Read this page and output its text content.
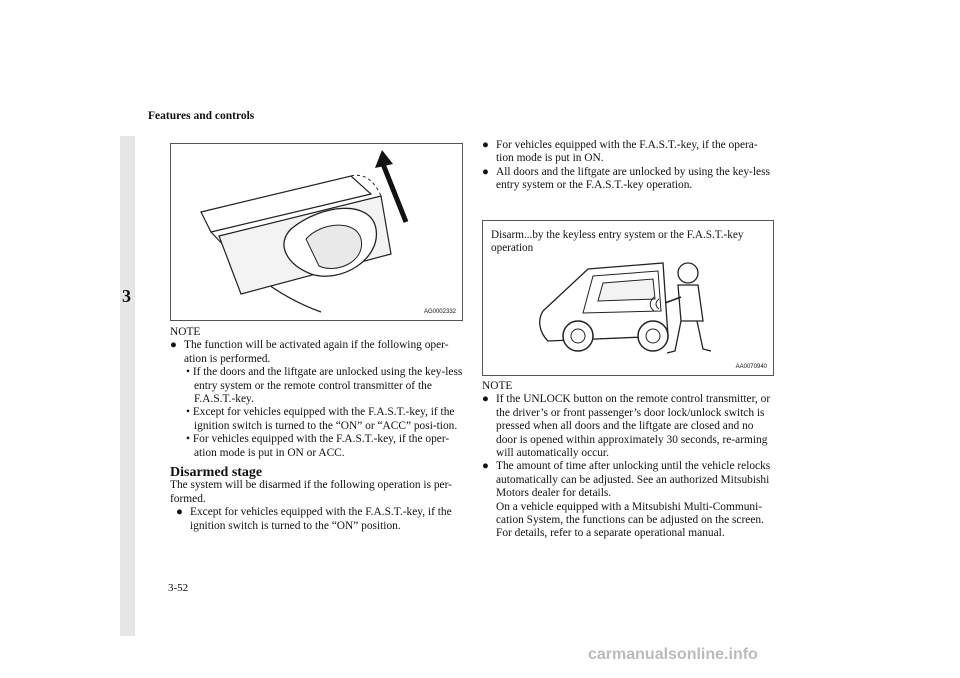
Features and controls
3
AG0002332

NOTE

● The function will be activated again if the following oper-ation is performed.
• If the doors and the liftgate are unlocked using the key-less entry system or the remote control transmitter of the F.A.S.T.-key.
• Except for vehicles equipped with the F.A.S.T.-key, if the ignition switch is turned to the “ON” or “ACC” posi-tion.
• For vehicles equipped with the F.A.S.T.-key, if the oper-ation mode is put in ON or ACC.
Disarmed stage

The system will be disarmed if the following operation is per-formed.

● Except for vehicles equipped with the F.A.S.T.-key, if the ignition switch is turned to the “ON” position.
● For vehicles equipped with the F.A.S.T.-key, if the opera-tion mode is put in ON.
● All doors and the liftgate are unlocked by using the key-less entry system or the F.A.S.T.-key operation.
Disarm...by the keyless entry system or the F.A.S.T.-key operation
AA0070940

NOTE

● If the UNLOCK button on the remote control transmitter, or the driver’s or front passenger’s door lock/unlock switch is pressed when all doors and the liftgate are closed and no door is opened within approximately 30 seconds, re-arming will automatically occur.
● The amount of time after unlocking until the vehicle relocks automatically can be adjusted. See an authorized Mitsubishi Motors dealer for details.

On a vehicle equipped with a Mitsubishi Multi-Communi-cation System, the functions can be adjusted on the screen. For details, refer to a separate operational manual.

3-52
carmanualsonline.info
